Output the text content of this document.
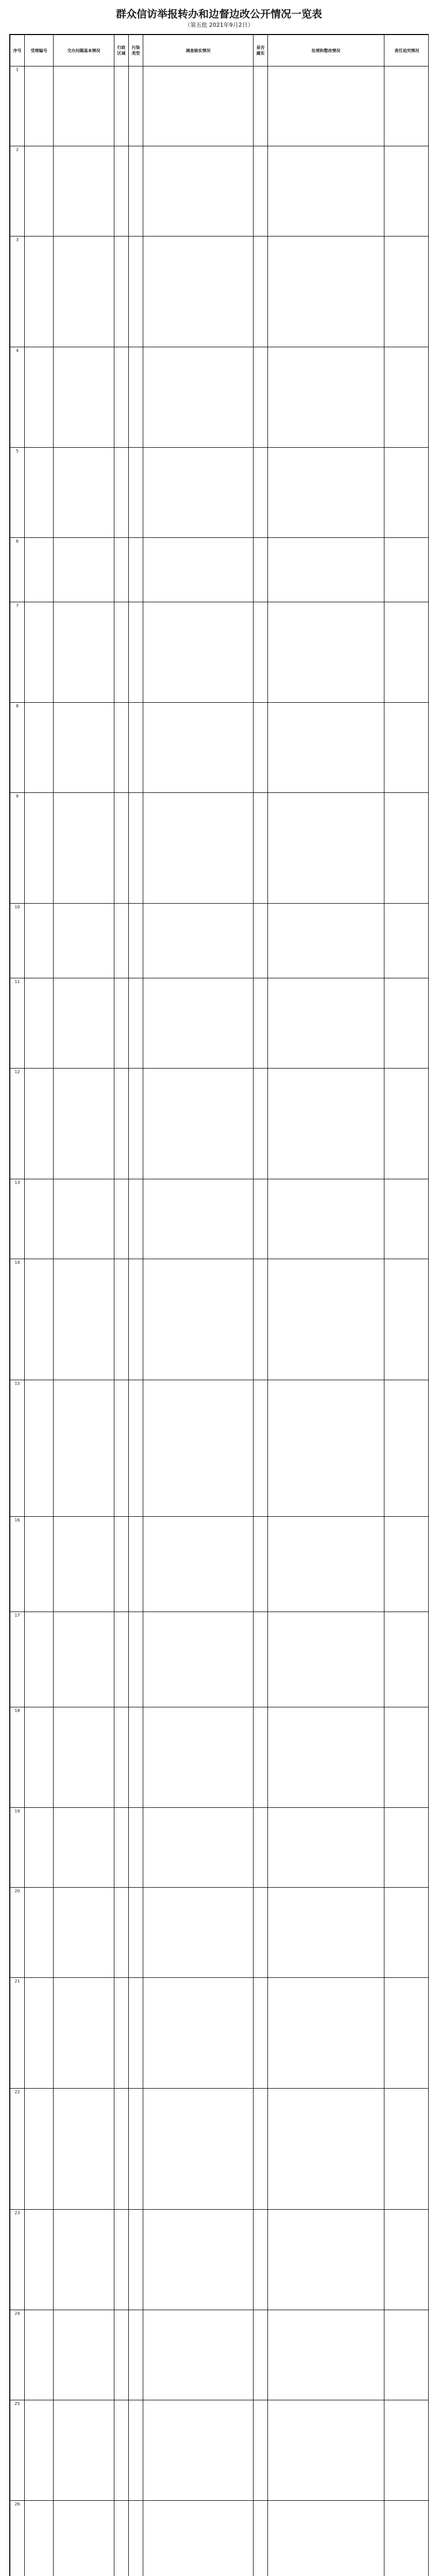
群众信访举报转办和边督边改公开情况一览表
（第五批 2021年9月2日）
序号	受理编号	交办问题基本情况	行政区域	污染类型	调查核实情况	是否属实	处理和整改情况	责任追究情况
1								
2								
3								
4								
5								
6								
7								
8								
9								
10								
11								
12								
13								
14								
15								
16								
17								
18								
19								
20								
21								
22								
23								
24								
25								
26								
